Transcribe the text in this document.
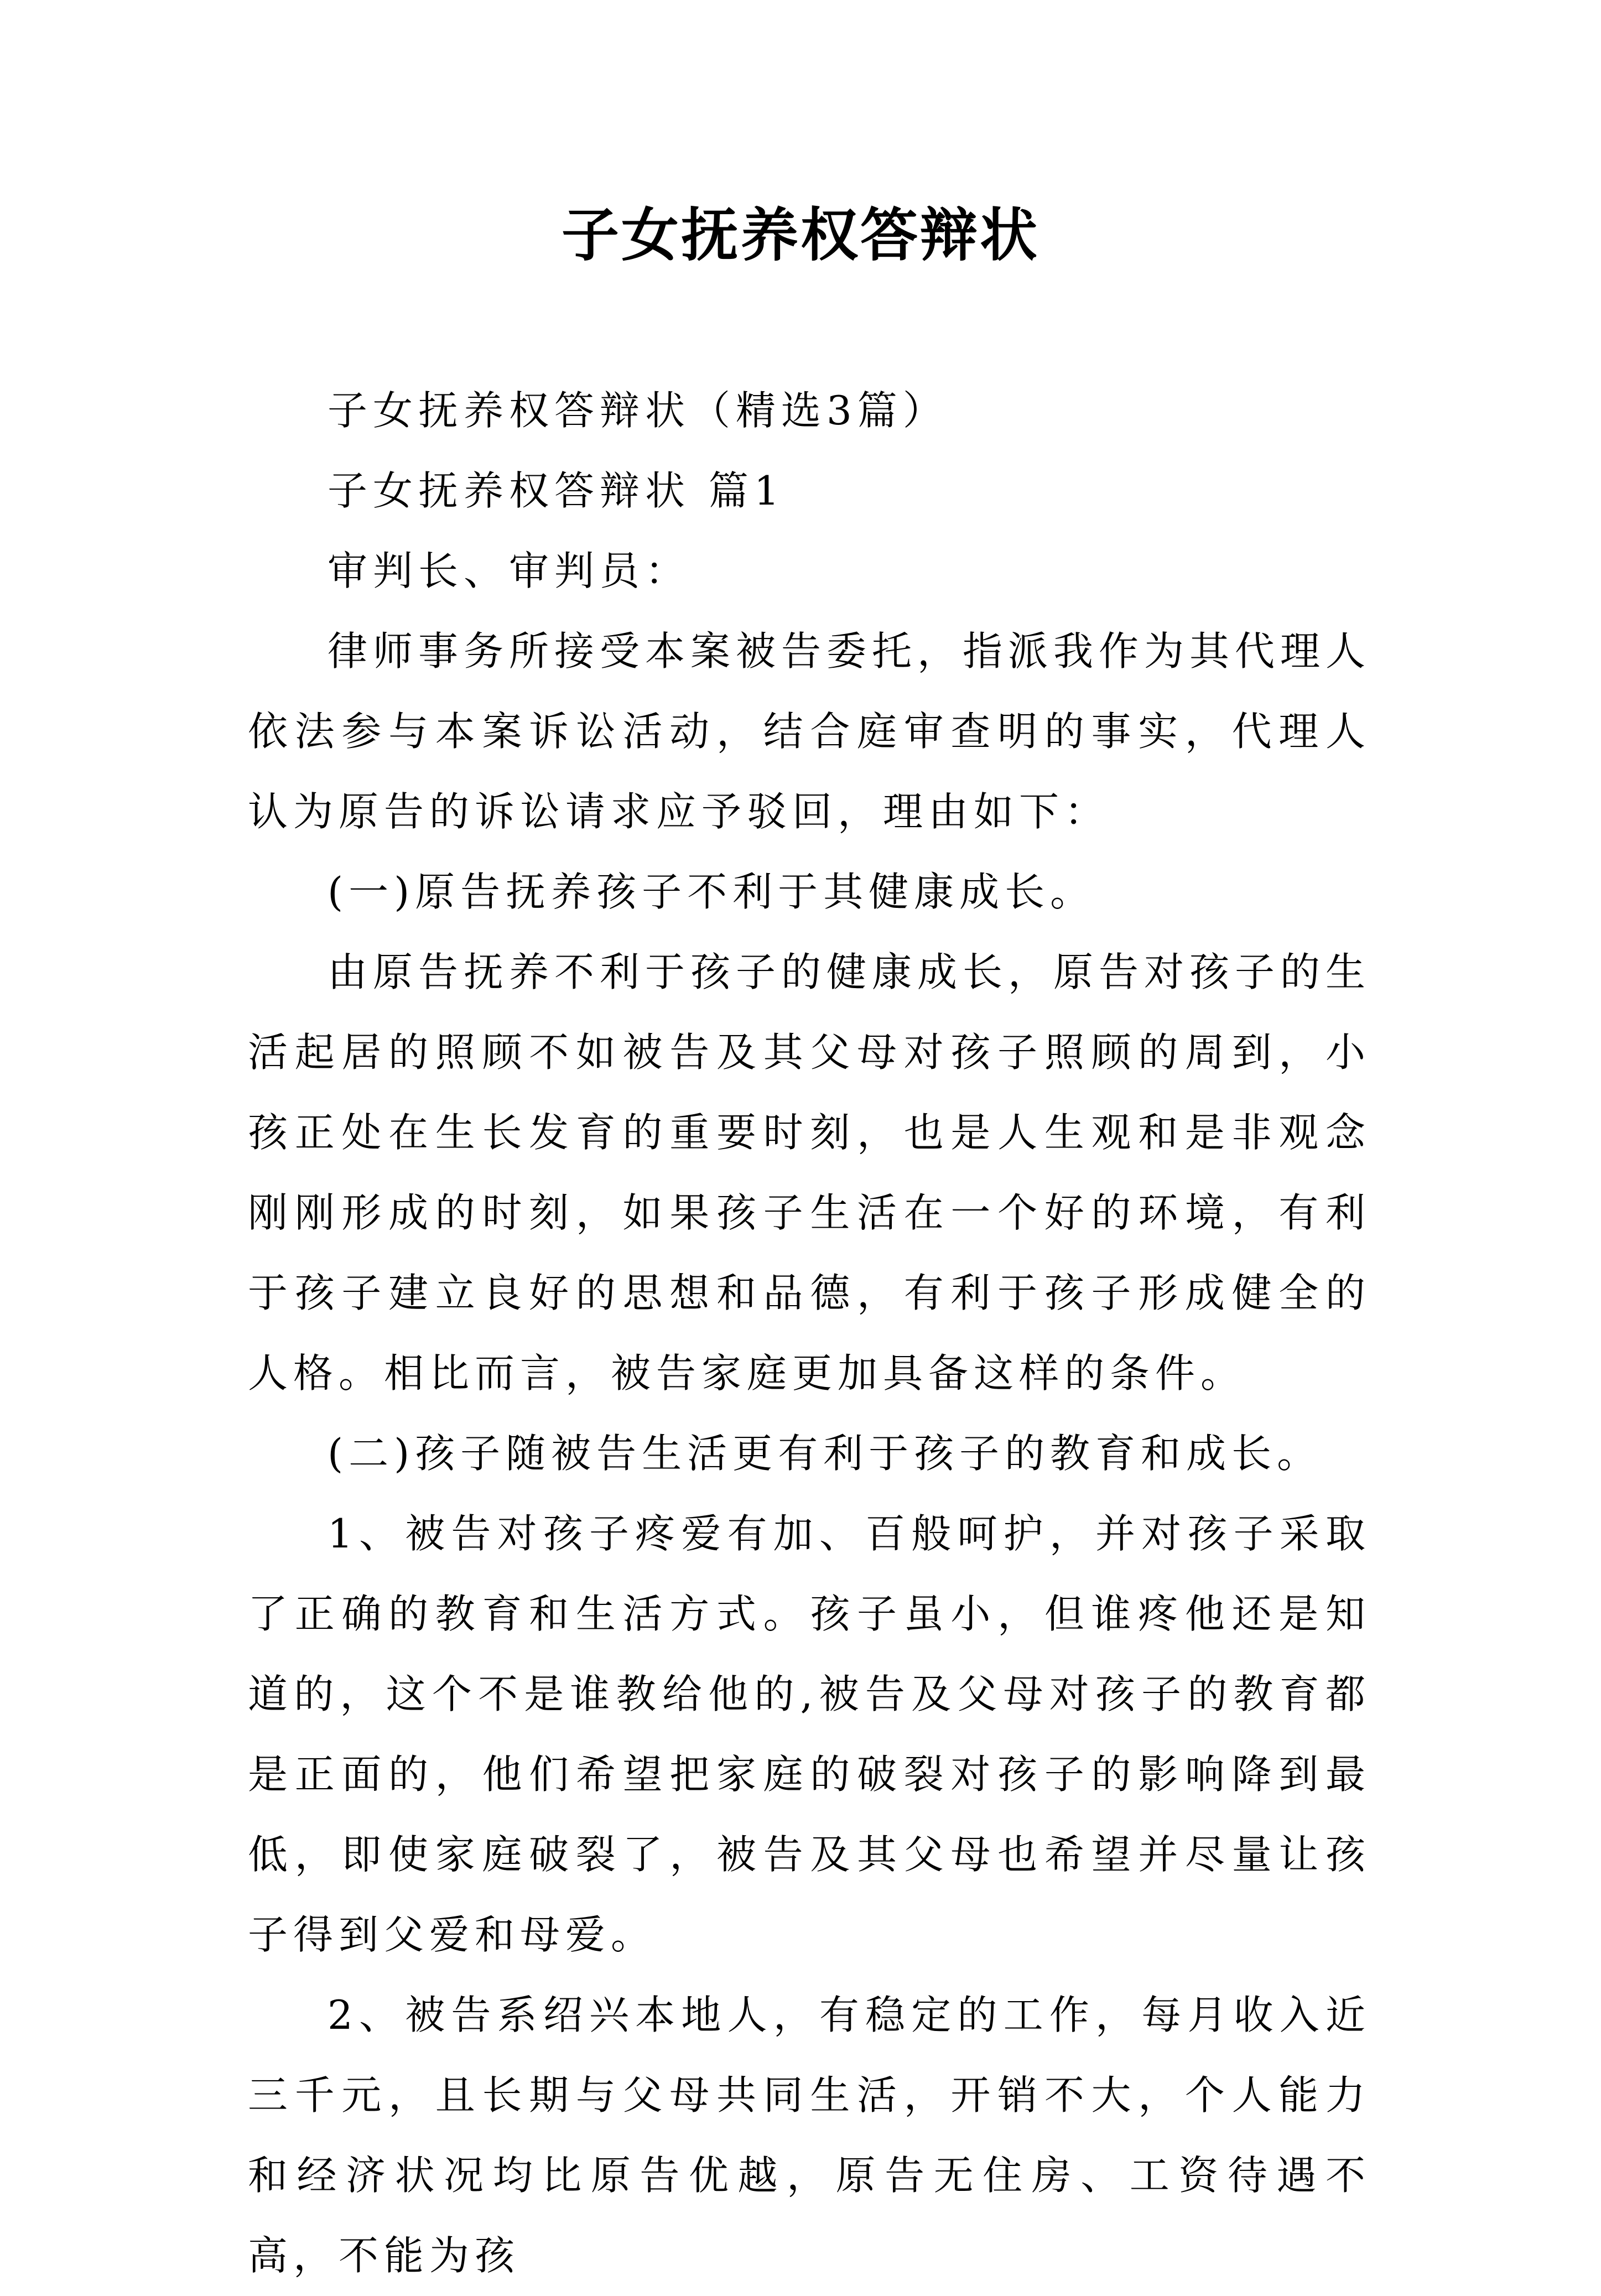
子女抚养权答辩状

子女抚养权答辩状（精选3篇）

子女抚养权答辩状 篇1

审判长、审判员：

律师事务所接受本案被告委托，指派我作为其代理人依法参与本案诉讼活动，结合庭审查明的事实，代理人认为原告的诉讼请求应予驳回，理由如下：

(一)原告抚养孩子不利于其健康成长。

由原告抚养不利于孩子的健康成长，原告对孩子的生活起居的照顾不如被告及其父母对孩子照顾的周到，小孩正处在生长发育的重要时刻，也是人生观和是非观念刚刚形成的时刻，如果孩子生活在一个好的环境，有利于孩子建立良好的思想和品德，有利于孩子形成健全的人格。相比而言，被告家庭更加具备这样的条件。

(二)孩子随被告生活更有利于孩子的教育和成长。

1、被告对孩子疼爱有加、百般呵护，并对孩子采取了正确的教育和生活方式。孩子虽小，但谁疼他还是知道的，这个不是谁教给他的,被告及父母对孩子的教育都是正面的，他们希望把家庭的破裂对孩子的影响降到最低，即使家庭破裂了，被告及其父母也希望并尽量让孩子得到父爱和母爱。

2、被告系绍兴本地人，有稳定的工作，每月收入近三千元，且长期与父母共同生活，开销不大，个人能力和经济状况均比原告优越，原告无住房、工资待遇不高，不能为孩
